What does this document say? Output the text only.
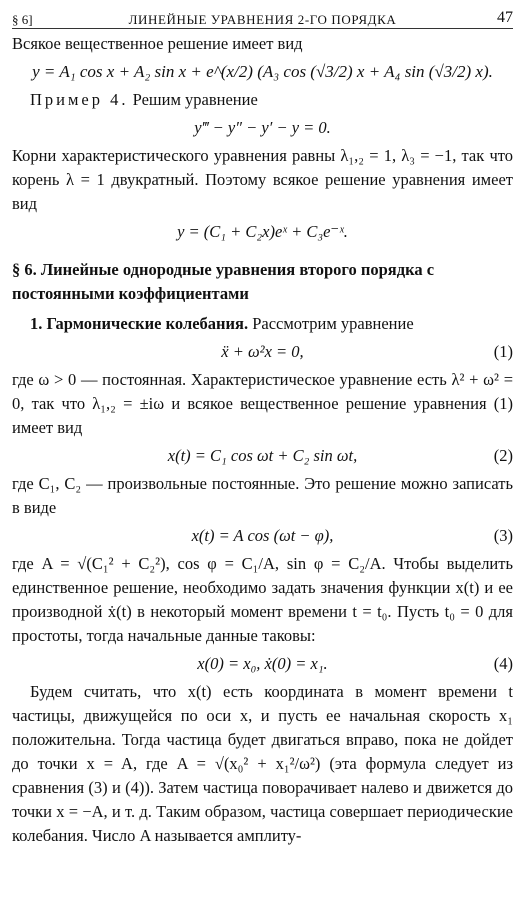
§ 6]	ЛИНЕЙНЫЕ УРАВНЕНИЯ 2-ГО ПОРЯДКА	47

Всякое вещественное решение имеет вид

y = A₁ cos x + A₂ sin x + e^(x/2) (A₃ cos (√3/2) x + A₄ sin (√3/2) x).

Пример 4. Решим уравнение

y‴ − y″ − y′ − y = 0.

Корни характеристического уравнения равны λ₁,₂ = 1, λ₃ = −1, так что корень λ = 1 двукратный. Поэтому всякое решение уравнения имеет вид

y = (C₁ + C₂x)eˣ + C₃e⁻ˣ.
§ 6. Линейные однородные уравнения второго порядка с постоянными коэффициентами

1. Гармонические колебания. Рассмотрим уравнение

ẍ + ω²x = 0,	(1)

где ω > 0 — постоянная. Характеристическое уравнение есть λ² + ω² = 0, так что λ₁,₂ = ±iω и всякое вещественное решение уравнения (1) имеет вид

x(t) = C₁ cos ωt + C₂ sin ωt,	(2)

где C₁, C₂ — произвольные постоянные. Это решение можно записать в виде

x(t) = A cos (ωt − φ),	(3)

где A = √(C₁² + C₂²), cos φ = C₁/A, sin φ = C₂/A. Чтобы выделить единственное решение, необходимо задать значения функции x(t) и ее производной ẋ(t) в некоторый момент времени t = t₀. Пусть t₀ = 0 для простоты, тогда начальные данные таковы:

x(0) = x₀, ẋ(0) = x₁.	(4)

Будем считать, что x(t) есть координата в момент времени t частицы, движущейся по оси x, и пусть ее начальная скорость x₁ положительна. Тогда частица будет двигаться вправо, пока не дойдет до точки x = A, где A = √(x₀² + x₁²/ω²) (эта формула следует из сравнения (3) и (4)). Затем частица поворачивает налево и движется до точки x = −A, и т. д. Таким образом, частица совершает периодические колебания. Число A называется амплиту-
